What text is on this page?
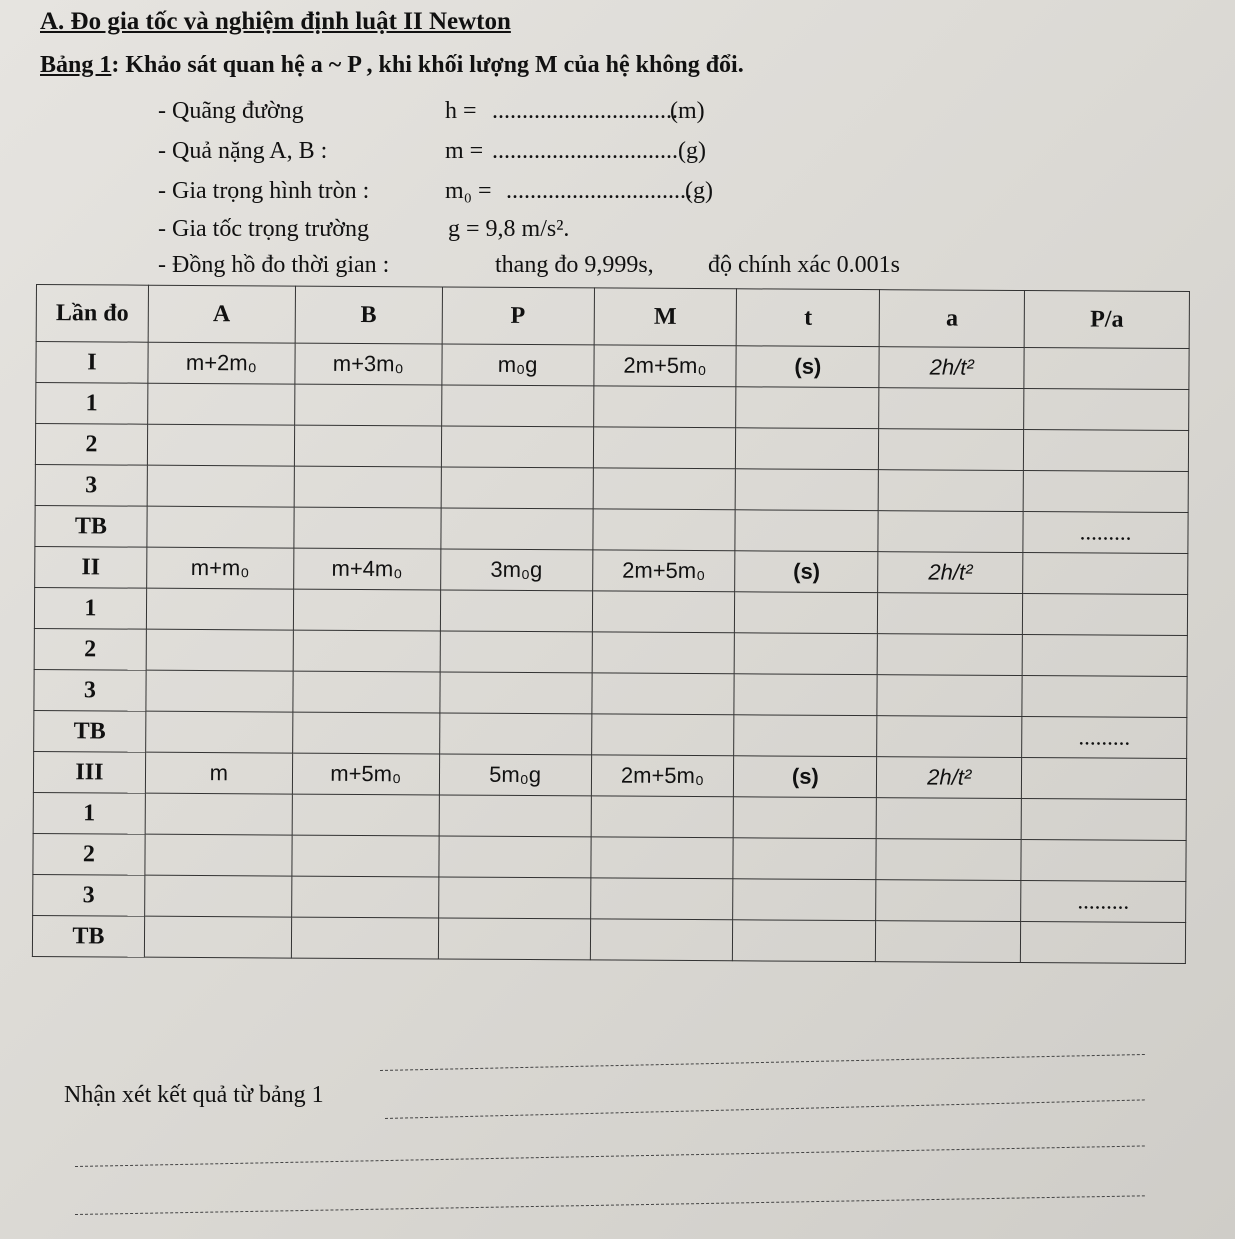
A. Đo gia tốc và nghiệm định luật II Newton
Bảng 1: Khảo sát quan hệ a ~ P , khi khối lượng M của hệ không đổi.
- Quãng đường	h = ...............................
(m)
- Quả nặng A, B :	m = ............................... (g)
- Gia trọng hình tròn :	m₀ = ...............................
(g)
- Gia tốc trọng trường	g = 9,8 m/s².
- Đồng hồ đo thời gian :	thang đo 9,999s, độ chính xác 0.001s
Lần đo	A	B	P	M	t	a	P/a
I	m+2m₀	m+3m₀	m₀g	2m+5m₀	(s)	2h/t²	
1							
2							
3							
TB							.........
II	m+m₀	m+4m₀	3m₀g	2m+5m₀	(s)	2h/t²	
1							
2							
3							
TB							.........
III	m	m+5m₀	5m₀g	2m+5m₀	(s)	2h/t²	
1							
2							
3							.........
TB							
Nhận xét kết quả từ bảng 1
